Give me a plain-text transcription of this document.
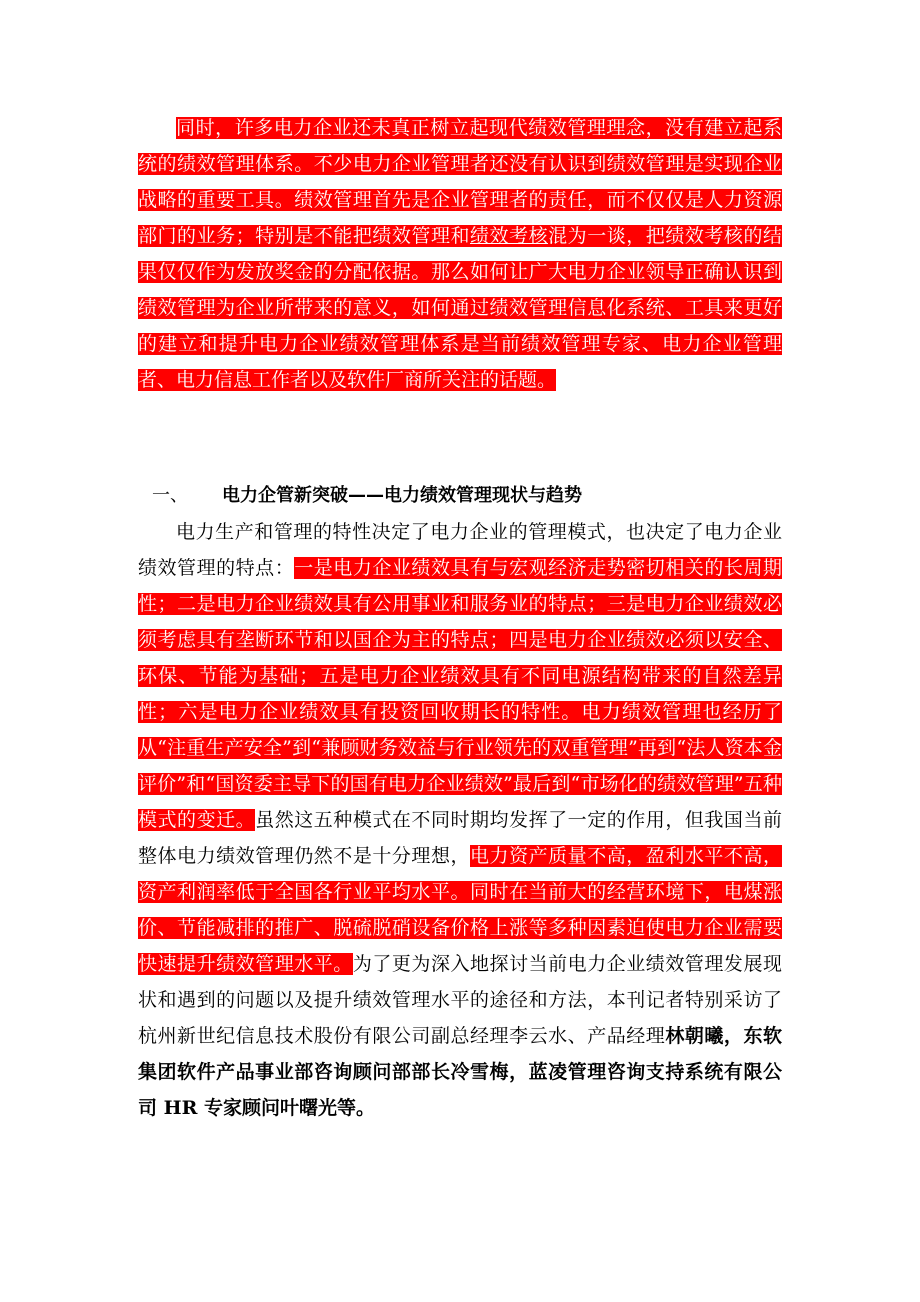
同时，许多电力企业还未真正树立起现代绩效管理理念，没有建立起系统的绩效管理体系。不少电力企业管理者还没有认识到绩效管理是实现企业战略的重要工具。绩效管理首先是企业管理者的责任，而不仅仅是人力资源部门的业务；特别是不能把绩效管理和绩效考核混为一谈，把绩效考核的结果仅仅作为发放奖金的分配依据。那么如何让广大电力企业领导正确认识到绩效管理为企业所带来的意义，如何通过绩效管理信息化系统、工具来更好的建立和提升电力企业绩效管理体系是当前绩效管理专家、电力企业管理者、电力信息工作者以及软件厂商所关注的话题。

一、 电力企管新突破——电力绩效管理现状与趋势

电力生产和管理的特性决定了电力企业的管理模式，也决定了电力企业绩效管理的特点：一是电力企业绩效具有与宏观经济走势密切相关的长周期性；二是电力企业绩效具有公用事业和服务业的特点；三是电力企业绩效必须考虑具有垄断环节和以国企为主的特点；四是电力企业绩效必须以安全、环保、节能为基础；五是电力企业绩效具有不同电源结构带来的自然差异性；六是电力企业绩效具有投资回收期长的特性。电力绩效管理也经历了从“注重生产安全”到“兼顾财务效益与行业领先的双重管理”再到“法人资本金评价”和“国资委主导下的国有电力企业绩效”最后到“市场化的绩效管理”五种模式的变迁。虽然这五种模式在不同时期均发挥了一定的作用，但我国当前整体电力绩效管理仍然不是十分理想，电力资产质量不高，盈利水平不高，资产利润率低于全国各行业平均水平。同时在当前大的经营环境下，电煤涨价、节能减排的推广、脱硫脱硝设备价格上涨等多种因素迫使电力企业需要快速提升绩效管理水平。为了更为深入地探讨当前电力企业绩效管理发展现状和遇到的问题以及提升绩效管理水平的途径和方法，本刊记者特别采访了杭州新世纪信息技术股份有限公司副总经理李云水、产品经理林朝曦，东软集团软件产品事业部咨询顾问部部长冷雪梅，蓝凌管理咨询支持系统有限公司 HR 专家顾问叶曙光等。
